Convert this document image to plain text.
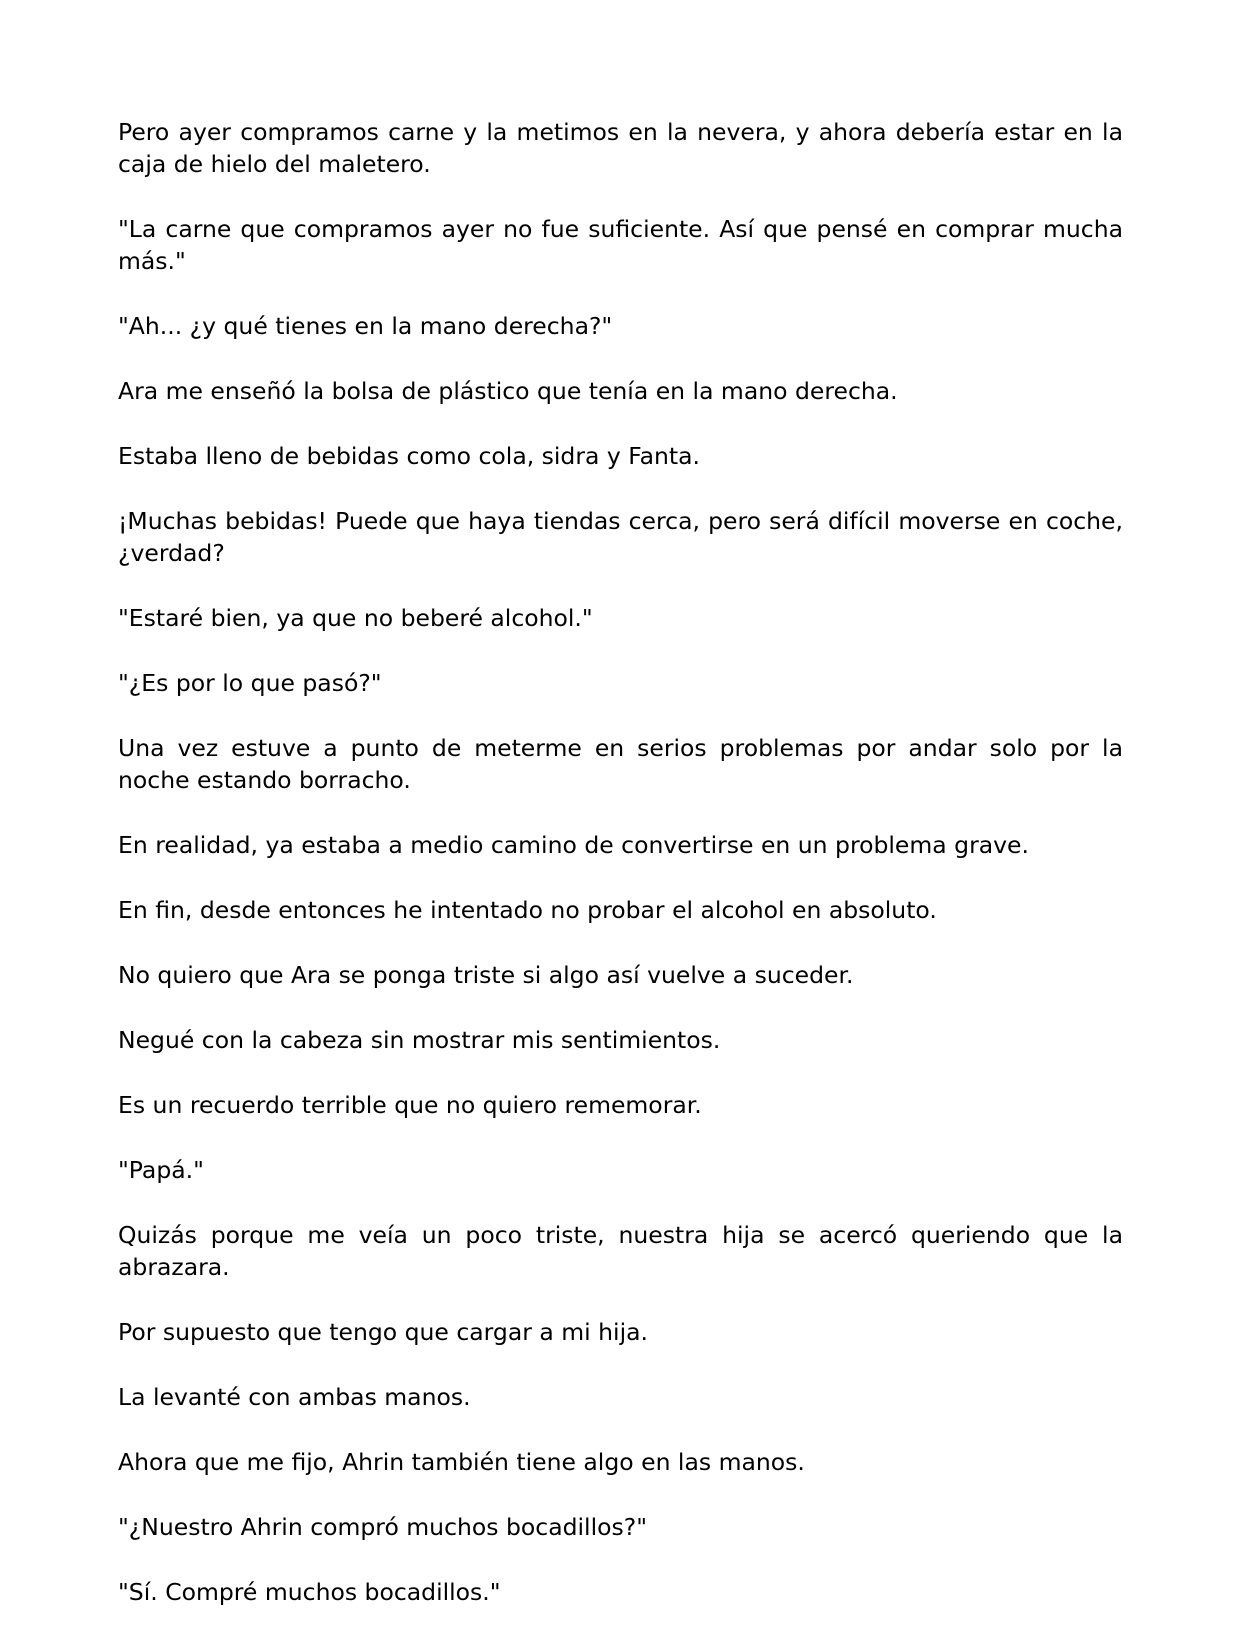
Pero ayer compramos carne y la metimos en la nevera, y ahora debería estar en la caja de hielo del maletero.

"La carne que compramos ayer no fue suficiente. Así que pensé en comprar mucha más."

"Ah... ¿y qué tienes en la mano derecha?"

Ara me enseñó la bolsa de plástico que tenía en la mano derecha.

Estaba lleno de bebidas como cola, sidra y Fanta.

¡Muchas bebidas! Puede que haya tiendas cerca, pero será difícil moverse en coche, ¿verdad?

"Estaré bien, ya que no beberé alcohol."

"¿Es por lo que pasó?"

Una vez estuve a punto de meterme en serios problemas por andar solo por la noche estando borracho.

En realidad, ya estaba a medio camino de convertirse en un problema grave.

En fin, desde entonces he intentado no probar el alcohol en absoluto.

No quiero que Ara se ponga triste si algo así vuelve a suceder.

Negué con la cabeza sin mostrar mis sentimientos.

Es un recuerdo terrible que no quiero rememorar.

"Papá."

Quizás porque me veía un poco triste, nuestra hija se acercó queriendo que la abrazara.

Por supuesto que tengo que cargar a mi hija.

La levanté con ambas manos.

Ahora que me fijo, Ahrin también tiene algo en las manos.

"¿Nuestro Ahrin compró muchos bocadillos?"

"Sí. Compré muchos bocadillos."
